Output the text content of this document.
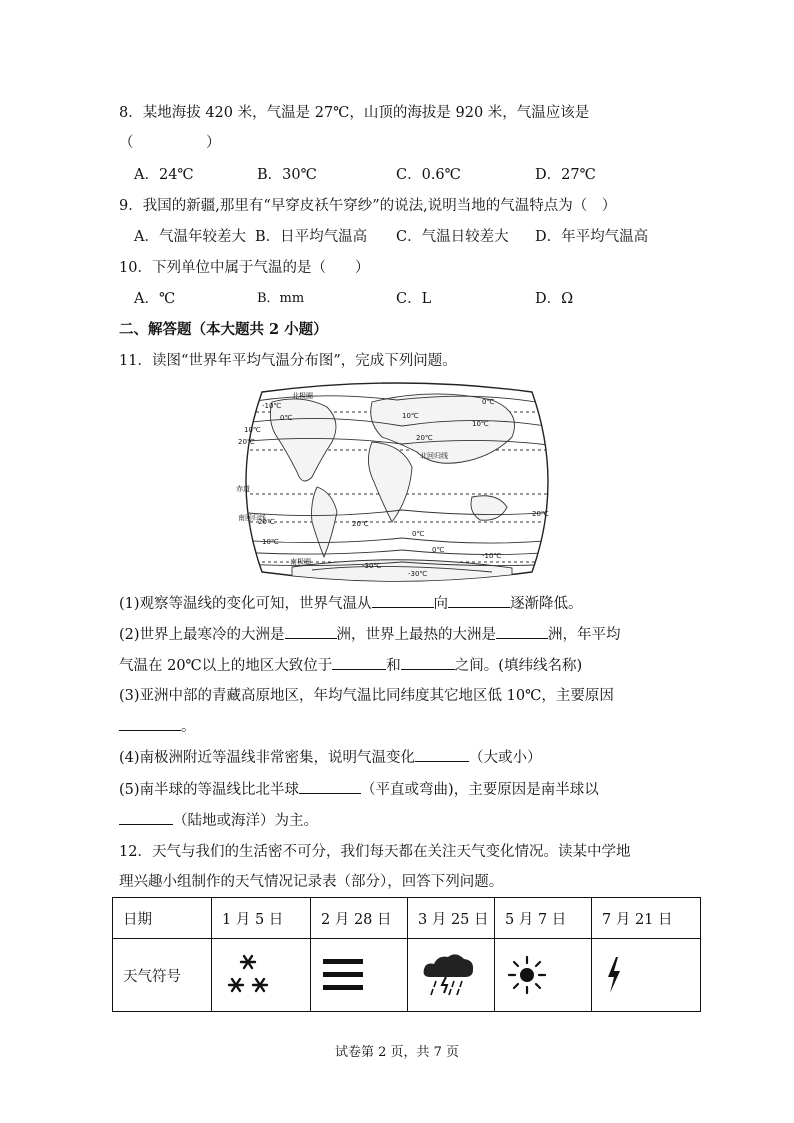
8．某地海拔 420 米，气温是 27℃，山顶的海拔是 920 米，气温应该是
（　　　　　）
A．24℃	B．30℃	C．0.6℃	D．27℃
9．我国的新疆,那里有“早穿皮袄午穿纱”的说法,说明当地的气温特点为（　）
A．气温年较差大 B．日平均气温高 C．气温日较差大 D．年平均气温高
10．下列单位中属于气温的是（　　）
A．℃	B．mm	C．L	D．Ω
二、解答题（本大题共 2 小题）
11．读图“世界年平均气温分布图”，完成下列问题。
北极圈
北回归线
赤道
南回归线
南极圈
-10℃
0℃
10℃
20℃
10℃
0℃
10℃
20℃
20℃	20℃
20℃
0℃
10℃
0℃
-10℃
-30℃
-30℃
(1)观察等温线的变化可知，世界气温从	向	逐渐降低。
(2)世界上最寒冷的大洲是	洲，世界上最热的大洲是	洲，年平均
气温在 20℃以上的地区大致位于	和	之间。(填纬线名称)
(3)亚洲中部的青藏高原地区，年均气温比同纬度其它地区低 10℃，主要原因
。
(4)南极洲附近等温线非常密集，说明气温变化	（大或小）
(5)南半球的等温线比北半球	（平直或弯曲)，主要原因是南半球以
（陆地或海洋）为主。
12．天气与我们的生活密不可分，我们每天都在关注天气变化情况。读某中学地
理兴趣小组制作的天气情况记录表（部分），回答下列问题。
日期	1 月 5 日	2 月 28 日	3 月 25 日	5 月 7 日	7 月 21 日
天气符号	

试卷第 2 页，共 7 页
